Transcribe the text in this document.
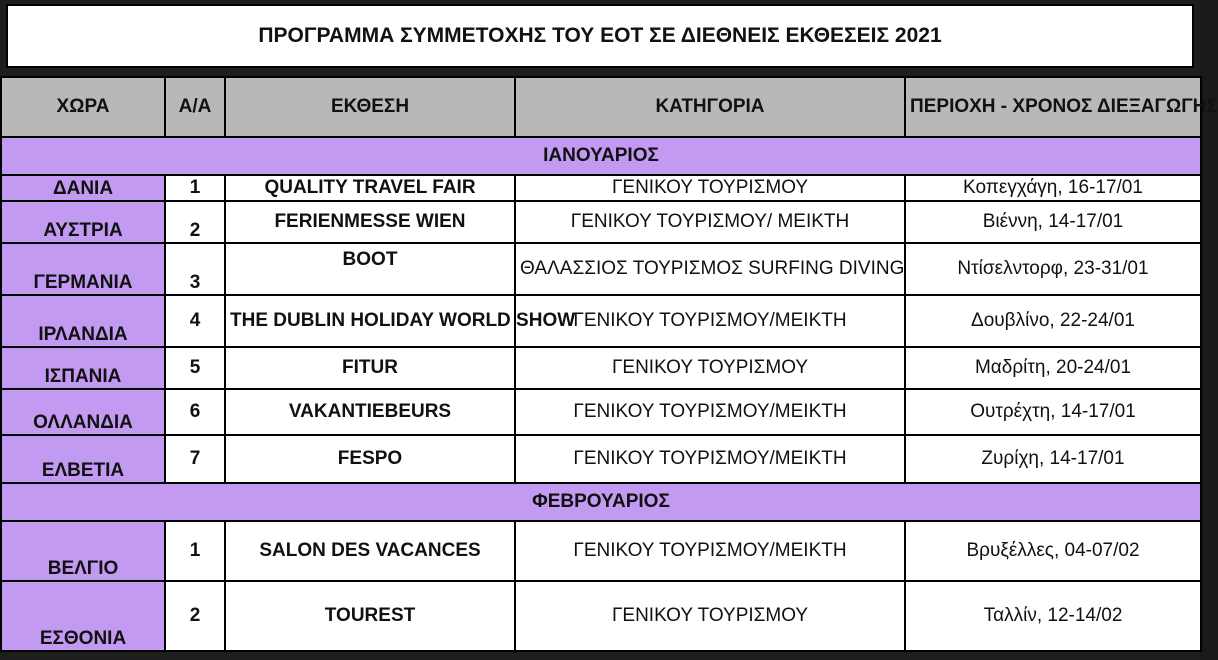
ΠΡΟΓΡΑΜΜΑ ΣΥΜΜΕΤΟΧΗΣ ΤΟΥ ΕΟΤ ΣΕ ΔΙΕΘΝΕΙΣ ΕΚΘΕΣΕΙΣ 2021
ΧΩΡΑ	Α/Α	ΕΚΘΕΣΗ	ΚΑΤΗΓΟΡΙΑ	ΠΕΡΙΟΧΗ - ΧΡΟΝΟΣ ΔΙΕΞΑΓΩΓΗΣ
ΙΑΝΟΥΑΡΙΟΣ				
ΔΑΝΙΑ	1	QUALITY TRAVEL FAIR	ΓΕΝΙΚΟΥ ΤΟΥΡΙΣΜΟΥ	Κοπεγχάγη, 16-17/01
ΑΥΣΤΡΙΑ	2	FERIENMESSE WIEN	ΓΕΝΙΚΟΥ ΤΟΥΡΙΣΜΟΥ/ ΜΕΙΚΤΗ	Βιέννη, 14-17/01
ΓΕΡΜΑΝΙΑ	3	BOOT	ΘΑΛΑΣΣΙΟΣ ΤΟΥΡΙΣΜΟΣ SURFING DIVING	Ντίσελντορφ, 23-31/01
ΙΡΛΑΝΔΙΑ	4	THE DUBLIN HOLIDAY WORLD SHOW	ΓΕΝΙΚΟΥ ΤΟΥΡΙΣΜΟΥ/ΜΕΙΚΤΗ	Δουβλίνο, 22-24/01
ΙΣΠΑΝΙΑ	5	FITUR	ΓΕΝΙΚΟΥ ΤΟΥΡΙΣΜΟΥ	Μαδρίτη, 20-24/01
ΟΛΛΑΝΔΙΑ	6	VAKANTIEBEURS	ΓΕΝΙΚΟΥ ΤΟΥΡΙΣΜΟΥ/ΜΕΙΚΤΗ	Ουτρέχτη, 14-17/01
ΕΛΒΕΤΙΑ	7	FESPO	ΓΕΝΙΚΟΥ ΤΟΥΡΙΣΜΟΥ/ΜΕΙΚΤΗ	Ζυρίχη, 14-17/01
ΦΕΒΡΟΥΑΡΙΟΣ				
ΒΕΛΓΙΟ	1	SALON DES VACANCES	ΓΕΝΙΚΟΥ ΤΟΥΡΙΣΜΟΥ/ΜΕΙΚΤΗ	Βρυξέλλες, 04-07/02
ΕΣΘΟΝΙΑ	2	TOUREST	ΓΕΝΙΚΟΥ ΤΟΥΡΙΣΜΟΥ	Ταλλίν, 12-14/02
